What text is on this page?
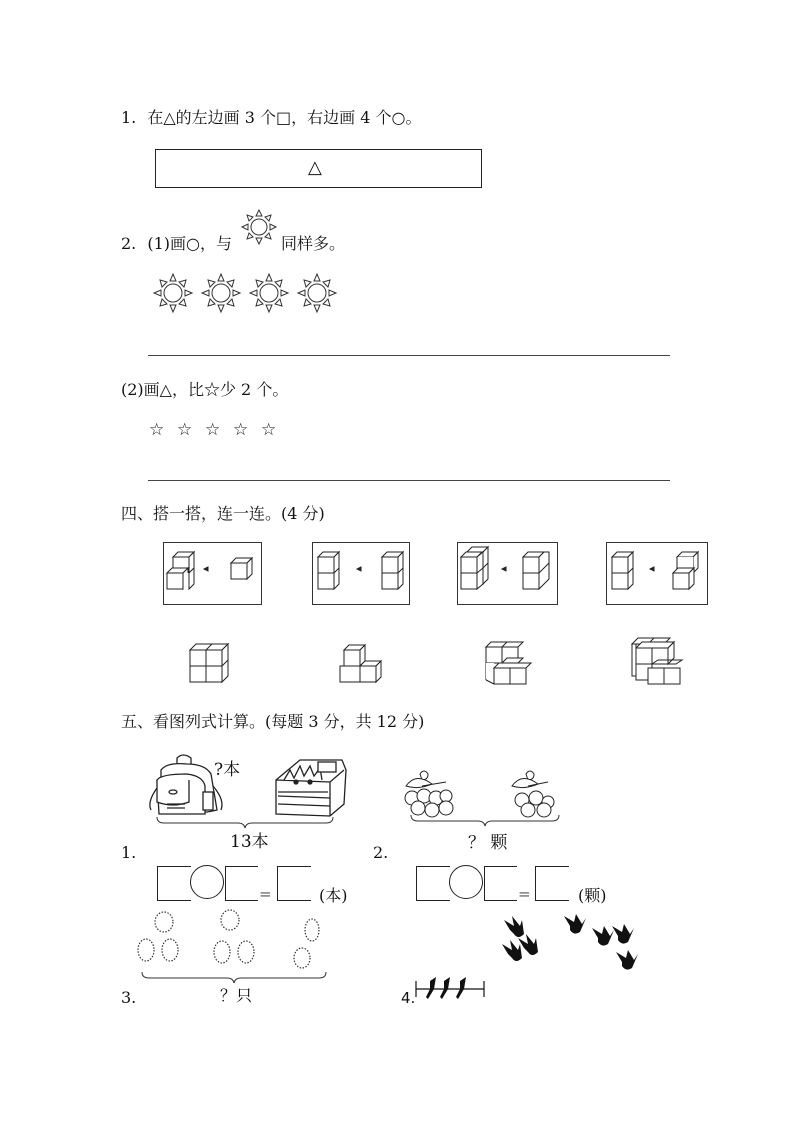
1. 在△的左边画 3 个□，右边画 4 个○。
△
2. (1)画○，与	同样多。
(2)画△，比☆少 2 个。
☆ ☆ ☆ ☆ ☆
四、搭一搭，连一连。(4 分)
五、看图列式计算。(每题 3 分，共 12 分)
?本
13本
1.	？ 颗
2.
=	(本)	=	(颗)
3.	？只	4.
